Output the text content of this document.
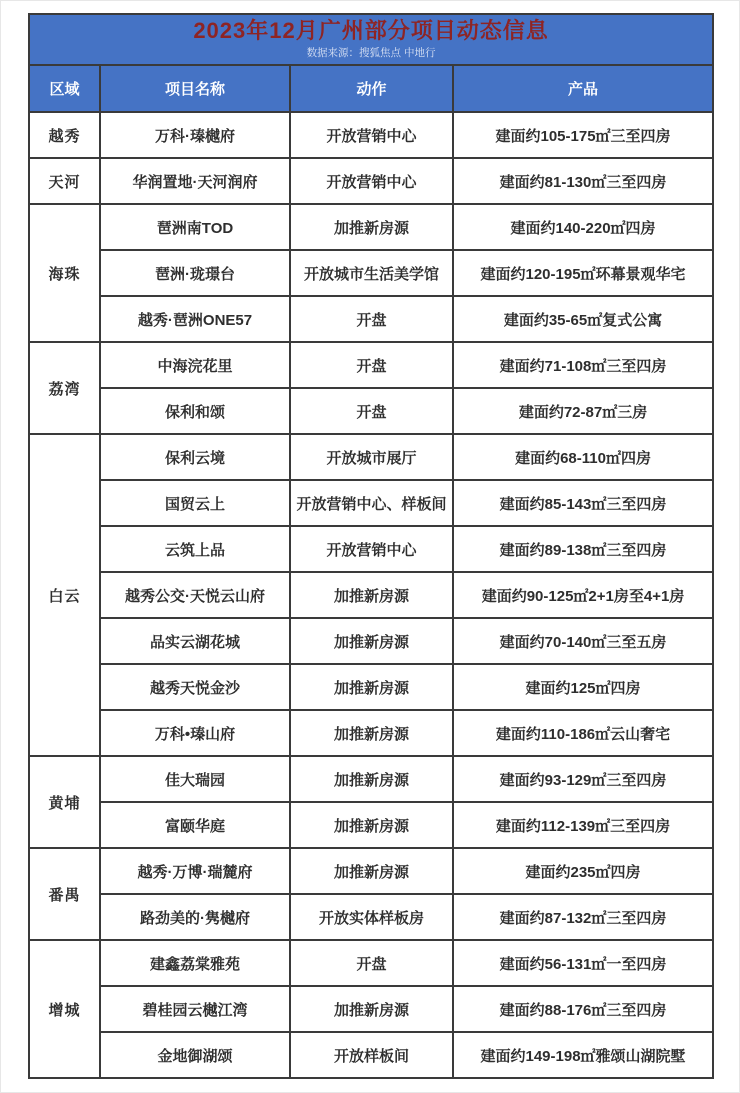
2023年12月广州部分项目动态信息
数据来源：搜狐焦点 中地行			

区域	项目名称	动作	产品
越秀	万科·瑧樾府	开放营销中心	建面约105-175㎡三至四房
天河	华润置地·天河润府	开放营销中心	建面约81-130㎡三至四房
海珠	琶洲南TOD	加推新房源	建面约140-220㎡四房
	琶洲·珑璟台	开放城市生活美学馆	建面约120-195㎡环幕景观华宅
	越秀·琶洲ONE57	开盘	建面约35-65㎡复式公寓
荔湾	中海浣花里	开盘	建面约71-108㎡三至四房
	保利和颂	开盘	建面约72-87㎡三房
白云	保利云境	开放城市展厅	建面约68-110㎡四房
	国贸云上	开放营销中心、样板间	建面约85-143㎡三至四房
	云筑上品	开放营销中心	建面约89-138㎡三至四房
	越秀公交·天悦云山府	加推新房源	建面约90-125㎡2+1房至4+1房
	品实云湖花城	加推新房源	建面约70-140㎡三至五房
	越秀天悦金沙	加推新房源	建面约125㎡四房
	万科•瑧山府	加推新房源	建面约110-186㎡云山奢宅
黄埔	佳大瑞园	加推新房源	建面约93-129㎡三至四房
	富颐华庭	加推新房源	建面约112-139㎡三至四房
番禺	越秀·万博·瑞麓府	加推新房源	建面约235㎡四房
	路劲美的·隽樾府	开放实体样板房	建面约87-132㎡三至四房
增城	建鑫荔棠雅苑	开盘	建面约56-131㎡一至四房
	碧桂园云樾江湾	加推新房源	建面约88-176㎡三至四房
	金地御湖颂	开放样板间	建面约149-198㎡雅颂山湖院墅
